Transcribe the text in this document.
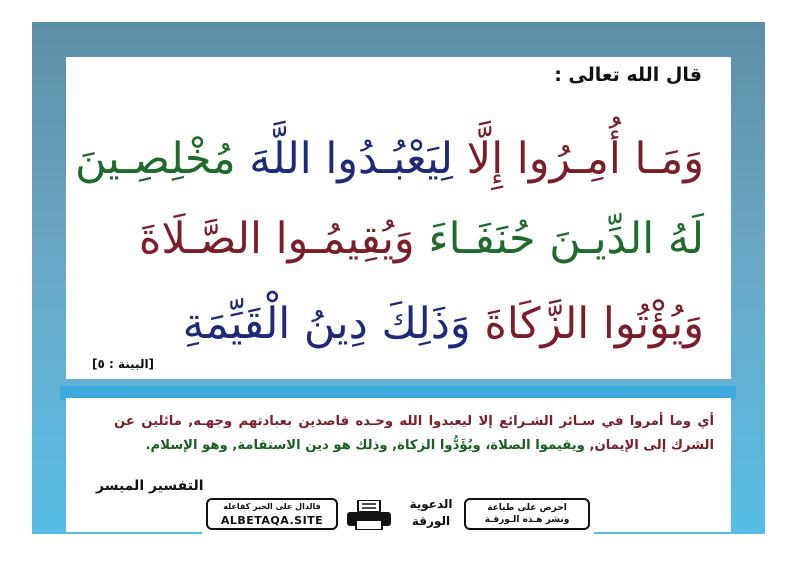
قال الله تعالى :
وَمَـا أُمِـرُوا إِلَّا لِيَعْبُـدُوا اللَّهَ مُخْلِصِـينَ
لَهُ الدِّيـنَ حُنَفَـاءَ وَيُقِيمُـوا الصَّـلَاةَ
وَيُؤْتُوا الزَّكَاةَ وَذَلِكَ دِينُ الْقَيِّمَةِ
[البينة : ٥]
أي وما أمروا في سـائر الشـرائع إلا ليعبدوا الله وحـده قاصدين بعبادتهم وجهـه, مائلين عن الشرك إلى الإيمان, ويقيموا الصلاة، ويُؤَدُّوا الزكاة, وذلك هو دين الاستقامة, وهو الإسلام.
التفسير الميسر
فالدال على الخير كفاعله
ALBETAQA.SITE
الدعوية
الورقة
احرص على طباعة
ونشر هـذه الـورقـة
